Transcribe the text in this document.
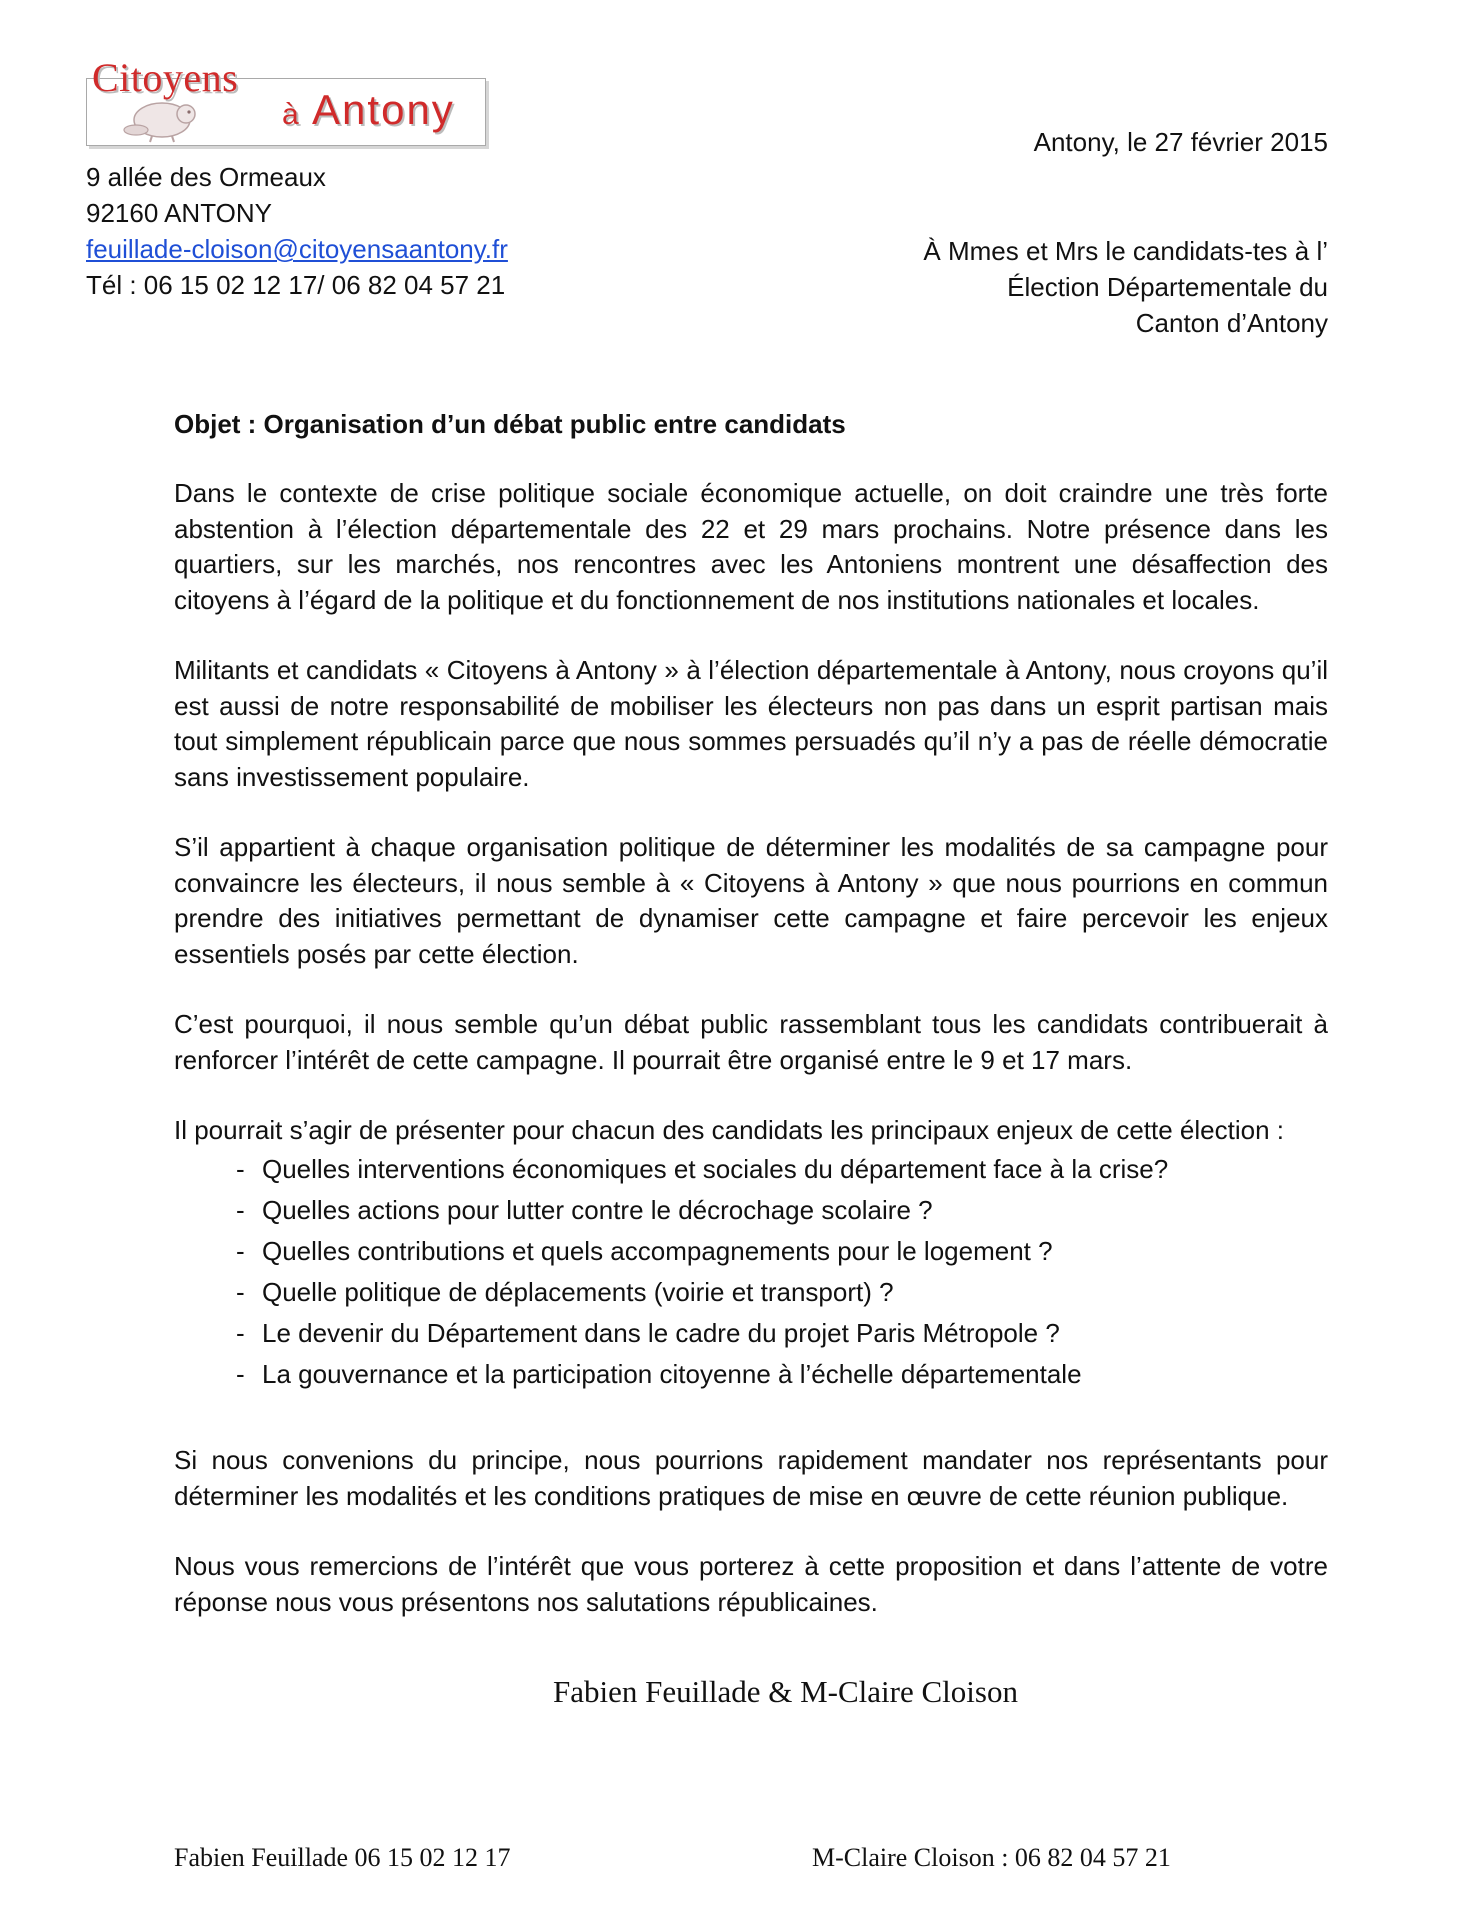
Citoyens
à Antony
9 allée des Ormeaux
92160 ANTONY
feuillade-cloison@citoyensaantony.fr
Tél : 06 15 02 12 17/ 06 82 04 57 21
Antony, le 27 février 2015
À Mmes et Mrs le candidats-tes à l’
Élection Départementale du
Canton d’Antony
Objet : Organisation d’un débat public entre candidats

Dans le contexte de crise politique sociale économique actuelle, on doit craindre une très forte abstention à l’élection départementale des 22 et 29 mars prochains. Notre présence dans les quartiers, sur les marchés, nos rencontres avec les Antoniens montrent une désaffection des citoyens à l’égard de la politique et du fonctionnement de nos institutions nationales et locales.

Militants et candidats « Citoyens à Antony » à l’élection départementale à Antony, nous croyons qu’il est aussi de notre responsabilité de mobiliser les électeurs non pas dans un esprit partisan mais tout simplement républicain parce que nous sommes persuadés qu’il n’y a pas de réelle démocratie sans investissement populaire.

S’il appartient à chaque organisation politique de déterminer les modalités de sa campagne pour convaincre les électeurs, il nous semble à « Citoyens à Antony » que nous pourrions en commun prendre des initiatives permettant de dynamiser cette campagne et faire percevoir les enjeux essentiels posés par cette élection.

C’est pourquoi, il nous semble qu’un débat public rassemblant tous les candidats contribuerait à renforcer l’intérêt de cette campagne. Il pourrait être organisé entre le 9 et 17 mars.

Il pourrait s’agir de présenter pour chacun des candidats les principaux enjeux de cette élection :

- Quelles interventions économiques et sociales du département face à la crise?
- Quelles actions pour lutter contre le décrochage scolaire ?
- Quelles contributions et quels accompagnements pour le logement ?
- Quelle politique de déplacements (voirie et transport) ?
- Le devenir du Département dans le cadre du projet Paris Métropole ?
- La gouvernance et la participation citoyenne à l’échelle départementale

Si nous convenions du principe, nous pourrions rapidement mandater nos représentants pour déterminer les modalités et les conditions pratiques de mise en œuvre de cette réunion publique.

Nous vous remercions de l’intérêt que vous porterez à cette proposition et dans l’attente de votre réponse nous vous présentons nos salutations républicaines.

Fabien Feuillade & M-Claire Cloison
Fabien Feuillade 06 15 02 12 17	M-Claire Cloison : 06 82 04 57 21
